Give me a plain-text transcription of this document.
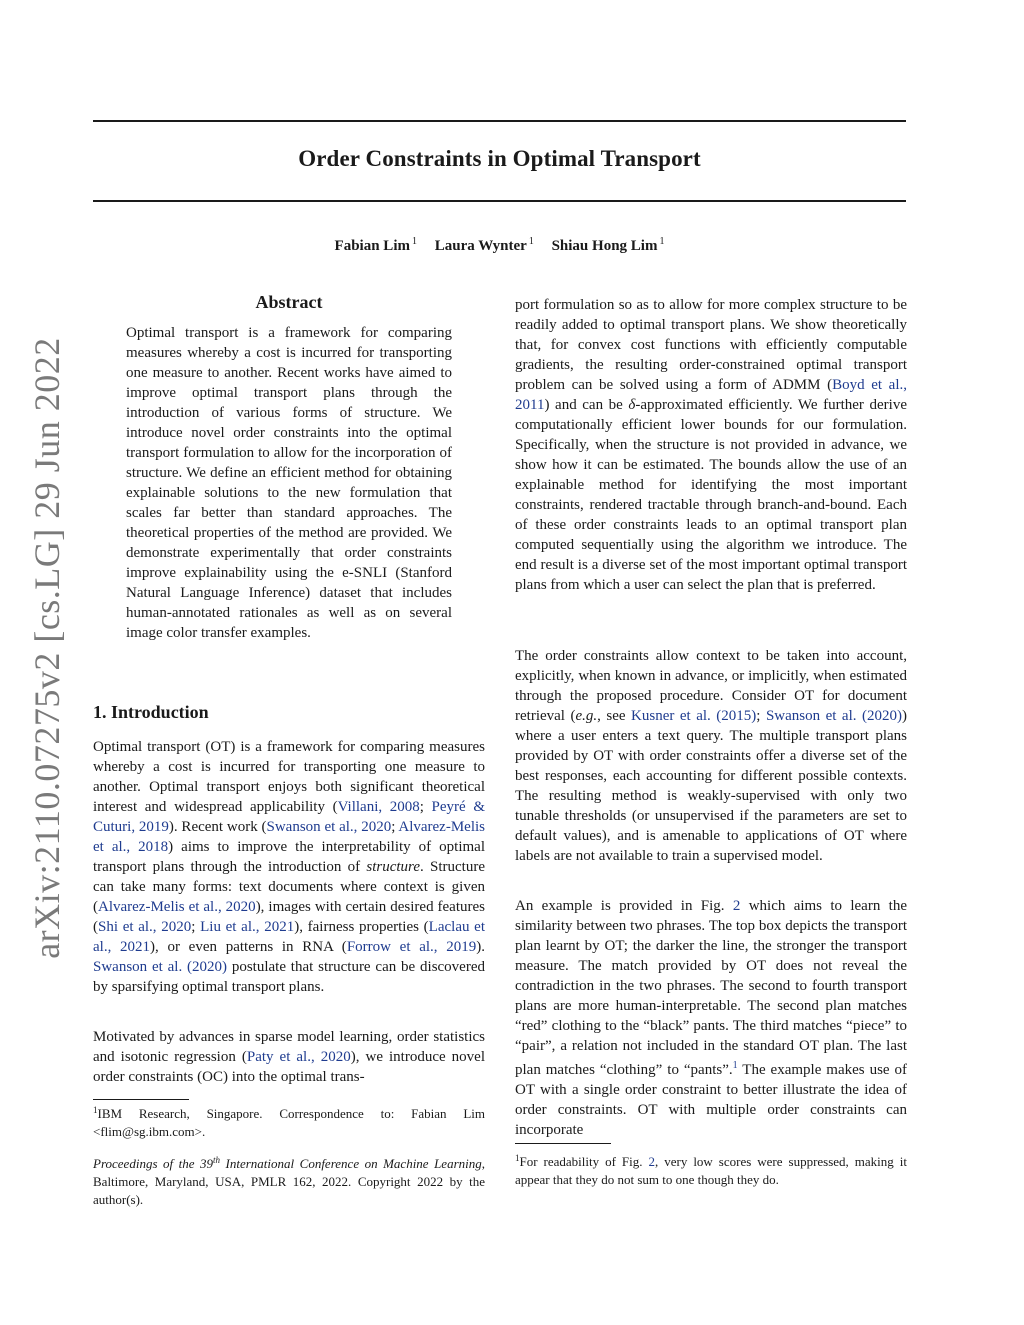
arXiv:2110.07275v2 [cs.LG] 29 Jun 2022
Order Constraints in Optimal Transport
Fabian Lim $^1$ Laura Wynter $^1$ Shiau Hong Lim $^1$
Abstract
Optimal transport is a framework for comparing measures whereby a cost is incurred for transporting one measure to another. Recent works have aimed to improve optimal transport plans through the introduction of various forms of structure. We introduce novel order constraints into the optimal transport formulation to allow for the incorporation of structure. We define an efficient method for obtaining explainable solutions to the new formulation that scales far better than standard approaches. The theoretical properties of the method are provided. We demonstrate experimentally that order constraints improve explainability using the e-SNLI (Stanford Natural Language Inference) dataset that includes human-annotated rationales as well as on several image color transfer examples.
1. Introduction
Optimal transport (OT) is a framework for comparing measures whereby a cost is incurred for transporting one measure to another. Optimal transport enjoys both significant theoretical interest and widespread applicability (Villani, 2008; Peyré & Cuturi, 2019). Recent work (Swanson et al., 2020; Alvarez-Melis et al., 2018) aims to improve the interpretability of optimal transport plans through the introduction of structure. Structure can take many forms: text documents where context is given (Alvarez-Melis et al., 2020), images with certain desired features (Shi et al., 2020; Liu et al., 2021), fairness properties (Laclau et al., 2021), or even patterns in RNA (Forrow et al., 2019). Swanson et al. (2020) postulate that structure can be discovered by sparsifying optimal transport plans.
Motivated by advances in sparse model learning, order statistics and isotonic regression (Paty et al., 2020), we introduce novel order constraints (OC) into the optimal trans-
$^1$IBM Research, Singapore. Correspondence to: Fabian Lim <flim@sg.ibm.com>.
Proceedings of the 39th International Conference on Machine Learning, Baltimore, Maryland, USA, PMLR 162, 2022. Copyright 2022 by the author(s).
port formulation so as to allow for more complex structure to be readily added to optimal transport plans. We show theoretically that, for convex cost functions with efficiently computable gradients, the resulting order-constrained optimal transport problem can be solved using a form of ADMM (Boyd et al., 2011) and can be δ-approximated efficiently. We further derive computationally efficient lower bounds for our formulation. Specifically, when the structure is not provided in advance, we show how it can be estimated. The bounds allow the use of an explainable method for identifying the most important constraints, rendered tractable through branch-and-bound. Each of these order constraints leads to an optimal transport plan computed sequentially using the algorithm we introduce. The end result is a diverse set of the most important optimal transport plans from which a user can select the plan that is preferred.
The order constraints allow context to be taken into account, explicitly, when known in advance, or implicitly, when estimated through the proposed procedure. Consider OT for document retrieval (e.g., see Kusner et al. (2015); Swanson et al. (2020)) where a user enters a text query. The multiple transport plans provided by OT with order constraints offer a diverse set of the best responses, each accounting for different possible contexts. The resulting method is weakly-supervised with only two tunable thresholds (or unsupervised if the parameters are set to default values), and is amenable to applications of OT where labels are not available to train a supervised model.
An example is provided in Fig. 2 which aims to learn the similarity between two phrases. The top box depicts the transport plan learnt by OT; the darker the line, the stronger the transport measure. The match provided by OT does not reveal the contradiction in the two phrases. The second to fourth transport plans are more human-interpretable. The second plan matches “red” clothing to the “black” pants. The third matches “piece” to “pair”, a relation not included in the standard OT plan. The last plan matches “clothing” to “pants”.$^1$ The example makes use of OT with a single order constraint to better illustrate the idea of order constraints. OT with multiple order constraints can incorporate
$^1$For readability of Fig. 2, very low scores were suppressed, making it appear that they do not sum to one though they do.
